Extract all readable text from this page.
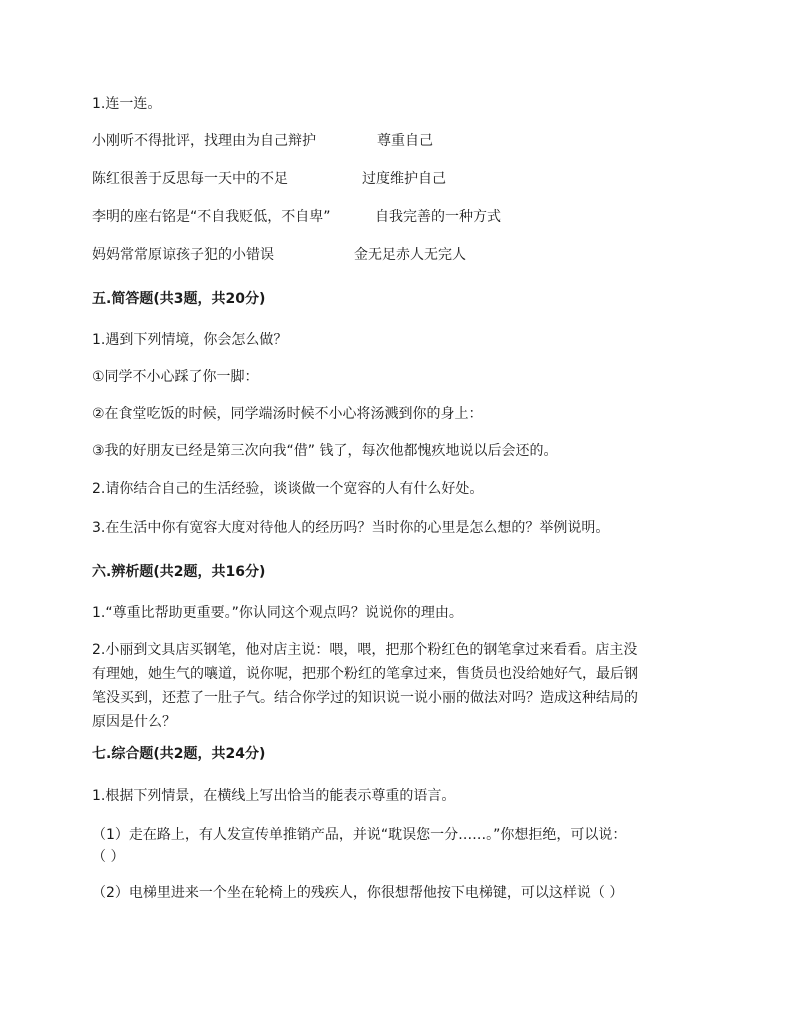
1.连一连。
小刚听不得批评，找理由为自己辩护	尊重自己
陈红很善于反思每一天中的不足	过度维护自己
李明的座右铭是“不自我贬低，不自卑”	自我完善的一种方式
妈妈常常原谅孩子犯的小错误	金无足赤人无完人
五.简答题(共3题，共20分)
1.遇到下列情境，你会怎么做？
①同学不小心踩了你一脚：
②在食堂吃饭的时候，同学端汤时候不小心将汤溅到你的身上：
③我的好朋友已经是第三次向我“借” 钱了，每次他都愧疚地说以后会还的。
2.请你结合自己的生活经验，谈谈做一个宽容的人有什么好处。
3.在生活中你有宽容大度对待他人的经历吗？当时你的心里是怎么想的？举例说明。
六.辨析题(共2题，共16分)
1.“尊重比帮助更重要。”你认同这个观点吗？说说你的理由。
2.小丽到文具店买钢笔，他对店主说：喂，喂，把那个粉红色的钢笔拿过来看看。店主没
有理她，她生气的嚷道，说你呢，把那个粉红的笔拿过来，售货员也没给她好气，最后钢
笔没买到，还惹了一肚子气。结合你学过的知识说一说小丽的做法对吗？造成这种结局的
原因是什么？
七.综合题(共2题，共24分)
1.根据下列情景，在横线上写出恰当的能表示尊重的语言。
（1）走在路上，有人发宣传单推销产品，并说“耽误您一分……。”你想拒绝，可以说：
（ ）
（2）电梯里进来一个坐在轮椅上的残疾人，你很想帮他按下电梯键，可以这样说（ ）
